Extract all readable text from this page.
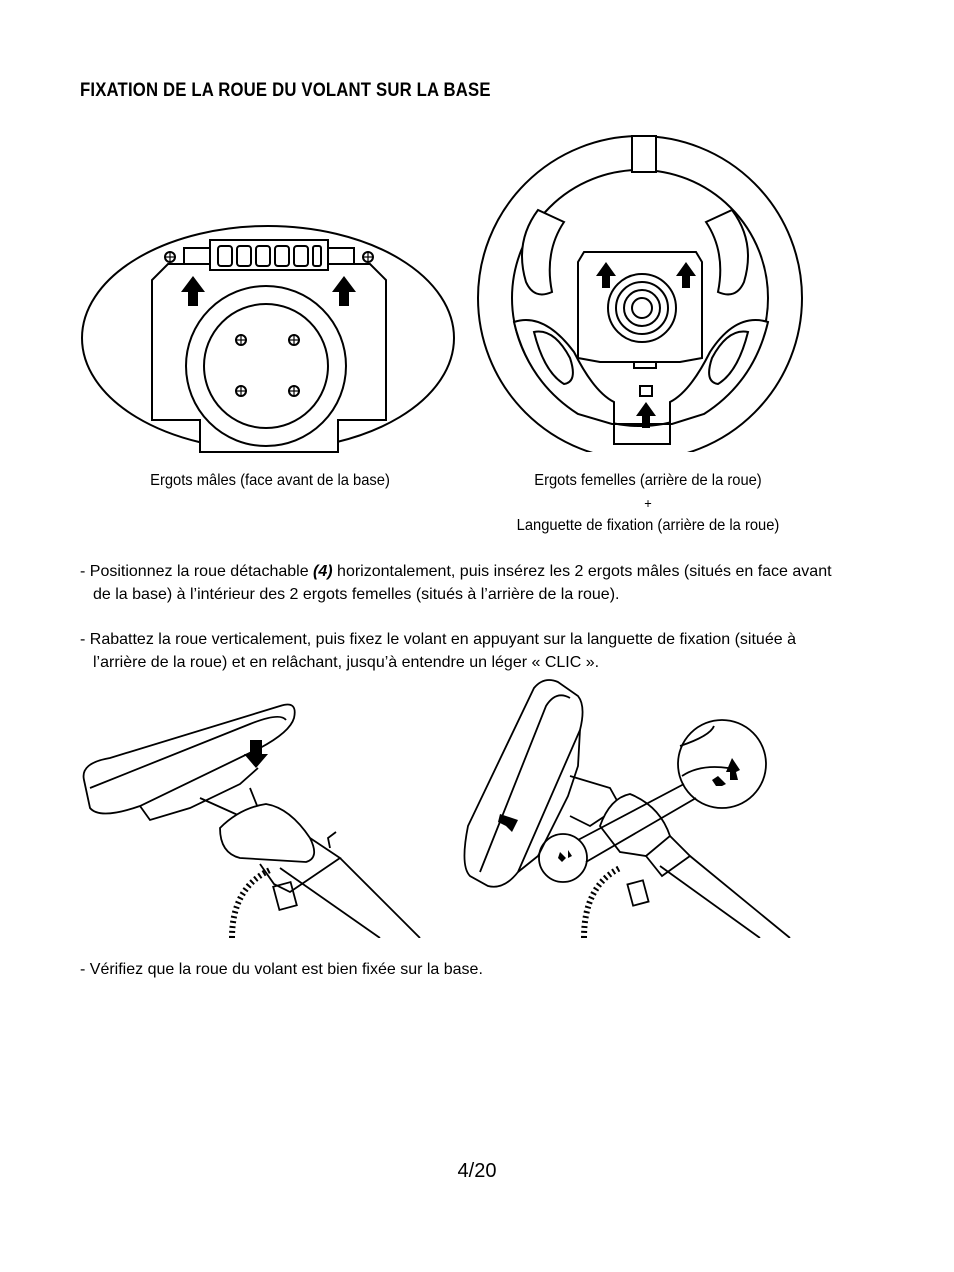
FIXATION DE LA ROUE DU VOLANT SUR LA BASE
Ergots mâles (face avant de la base)	Ergots femelles (arrière de la roue)
+
Languette de fixation (arrière de la roue)
- Positionnez la roue détachable (4) horizontalement, puis insérez les 2 ergots mâles (situés en face avant
de la base) à l’intérieur des 2 ergots femelles (situés à l’arrière de la roue).
- Rabattez la roue verticalement, puis fixez le volant en appuyant sur la languette de fixation (située à
l’arrière de la roue) et en relâchant, jusqu’à entendre un léger « CLIC ».
- Vérifiez que la roue du volant est bien fixée sur la base.
4/20
